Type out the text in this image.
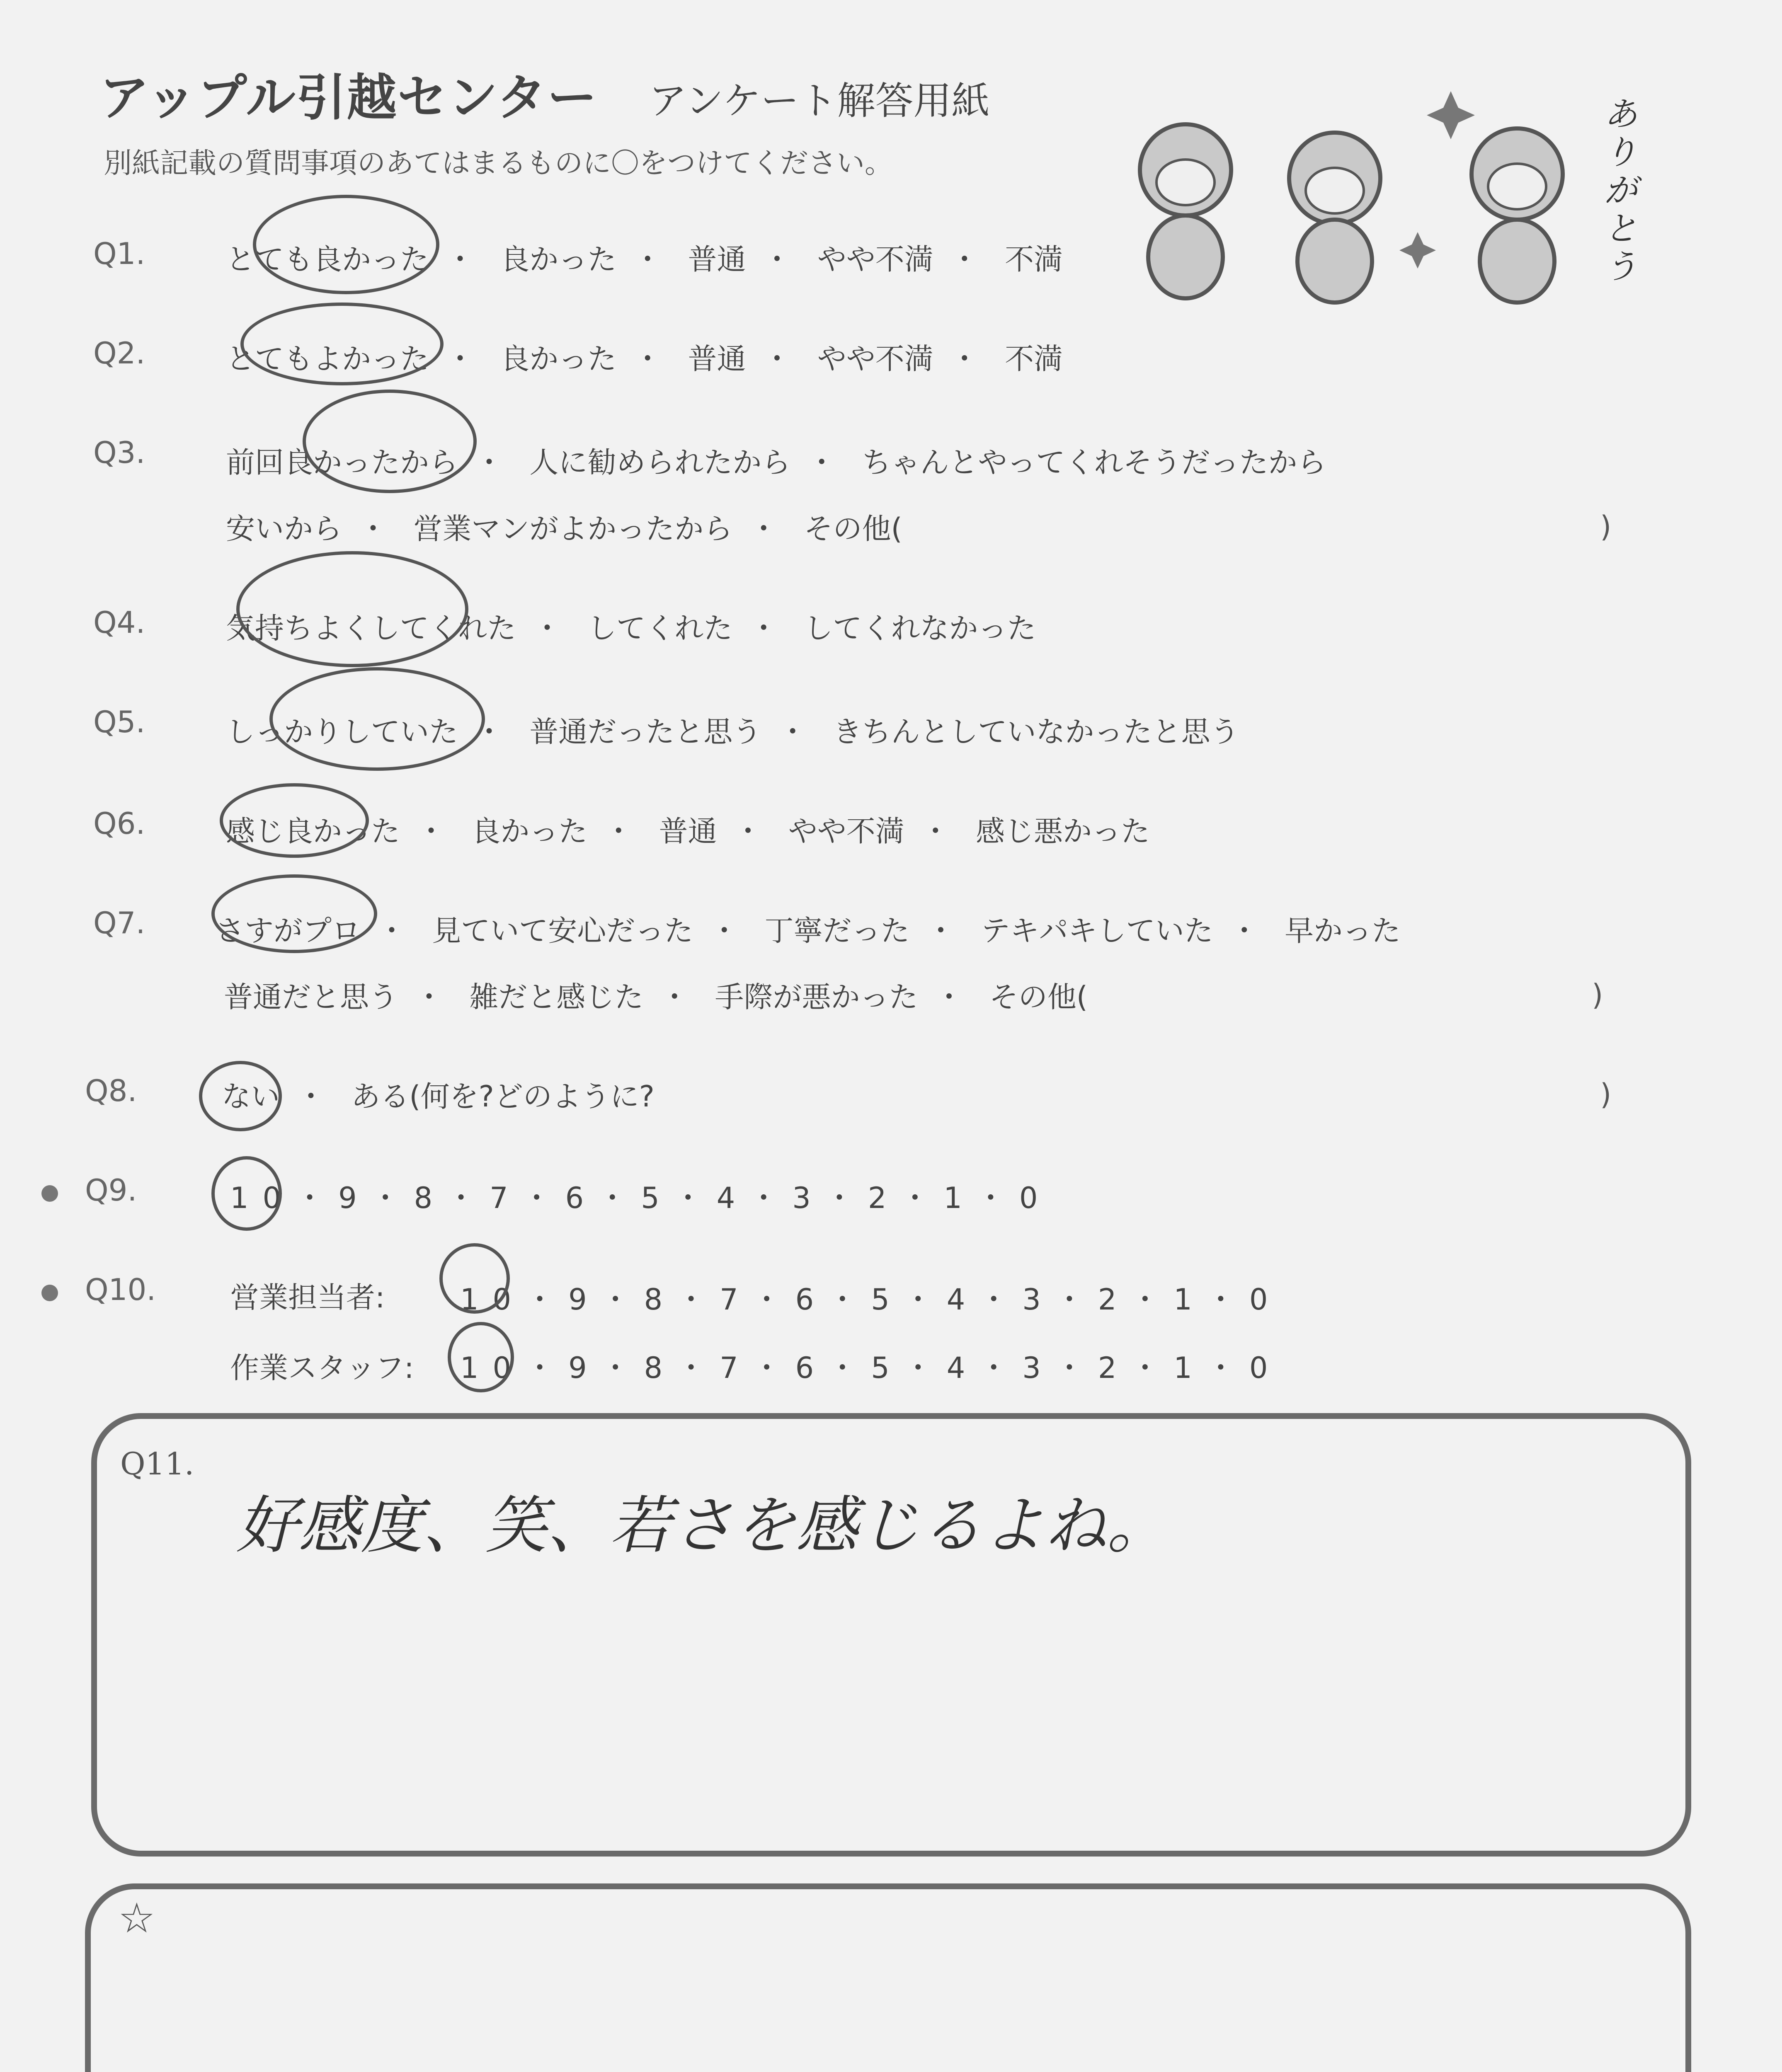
アップル引越センター アンケート解答用紙
別紙記載の質問事項のあてはまるものに〇をつけてください。
ありがとう
Q1.	とても良かった ・ 良かった ・ 普通 ・ やや不満 ・ 不満
Q2.	とてもよかった ・ 良かった ・ 普通 ・ やや不満 ・ 不満
Q3.	前回良かったから ・ 人に勧められたから ・ ちゃんとやってくれそうだったから
安いから ・ 営業マンがよかったから ・ その他(	)
Q4.	気持ちよくしてくれた ・ してくれた ・ してくれなかった
Q5.	しっかりしていた ・ 普通だったと思う ・ きちんとしていなかったと思う
Q6.	感じ良かった ・ 良かった ・ 普通 ・ やや不満 ・ 感じ悪かった
Q7. さすがプロ ・ 見ていて安心だった ・ 丁寧だった ・ テキパキしていた ・ 早かった
普通だと思う ・ 雑だと感じた ・ 手際が悪かった ・ その他(	)
Q8.	ない ・ ある(何を?どのように?	)
Q9.	10・9・8・7・6・5・4・3・2・1・0
Q10.	営業担当者:	10・9・8・7・6・5・4・3・2・1・0
作業スタッフ: 10・9・8・7・6・5・4・3・2・1・0
Q11.
好感度、笑、若さを感じるよね。
☆
